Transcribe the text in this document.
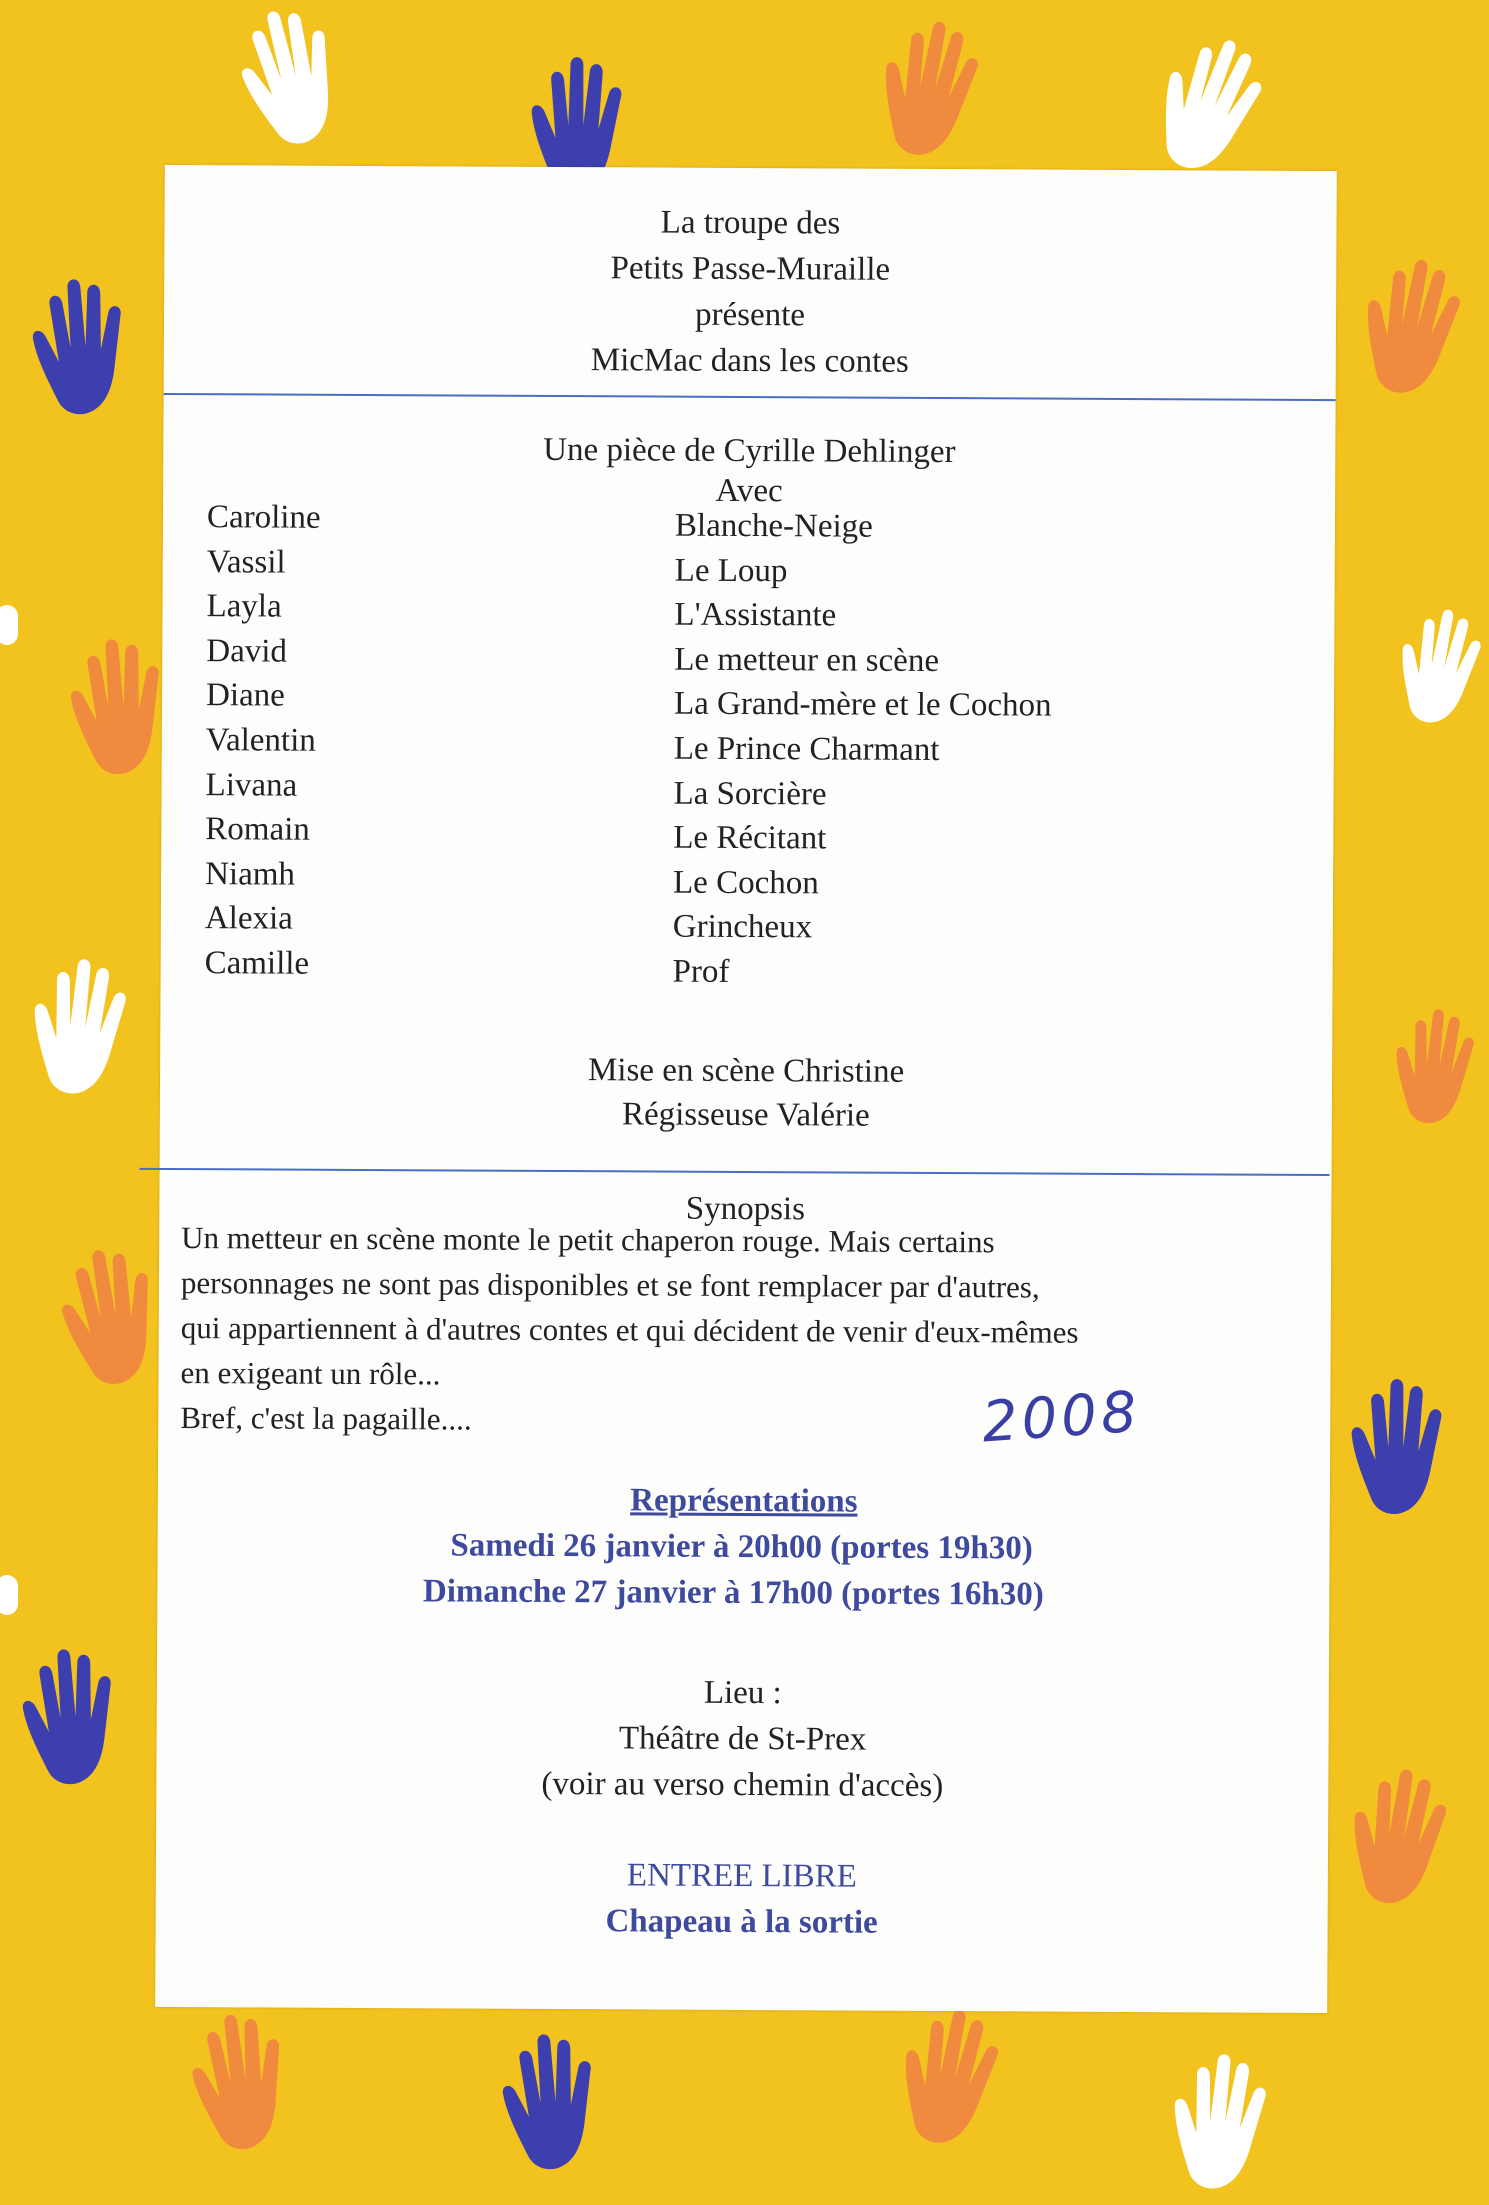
La troupe des
Petits Passe-Muraille
présente
MicMac dans les contes
Une pièce de Cyrille Dehlinger
Avec
Caroline
Vassil
Layla
David
Diane
Valentin
Livana
Romain
Niamh
Alexia
Camille
Blanche-Neige
Le Loup
L'Assistante
Le metteur en scène
La Grand-mère et le Cochon
Le Prince Charmant
La Sorcière
Le Récitant
Le Cochon
Grincheux
Prof
Mise en scène Christine
Régisseuse Valérie
Synopsis
Un metteur en scène monte le petit chaperon rouge. Mais certains
personnages ne sont pas disponibles et se font remplacer par d'autres,
qui appartiennent à d'autres contes et qui décident de venir d'eux-mêmes
en exigeant un rôle...
Bref, c'est la pagaille....
Représentations
Samedi 26 janvier à 20h00 (portes 19h30)
Dimanche 27 janvier à 17h00 (portes 16h30)
Lieu :
Théâtre de St-Prex
(voir au verso chemin d'accès)
ENTREE LIBRE
Chapeau à la sortie
2008
